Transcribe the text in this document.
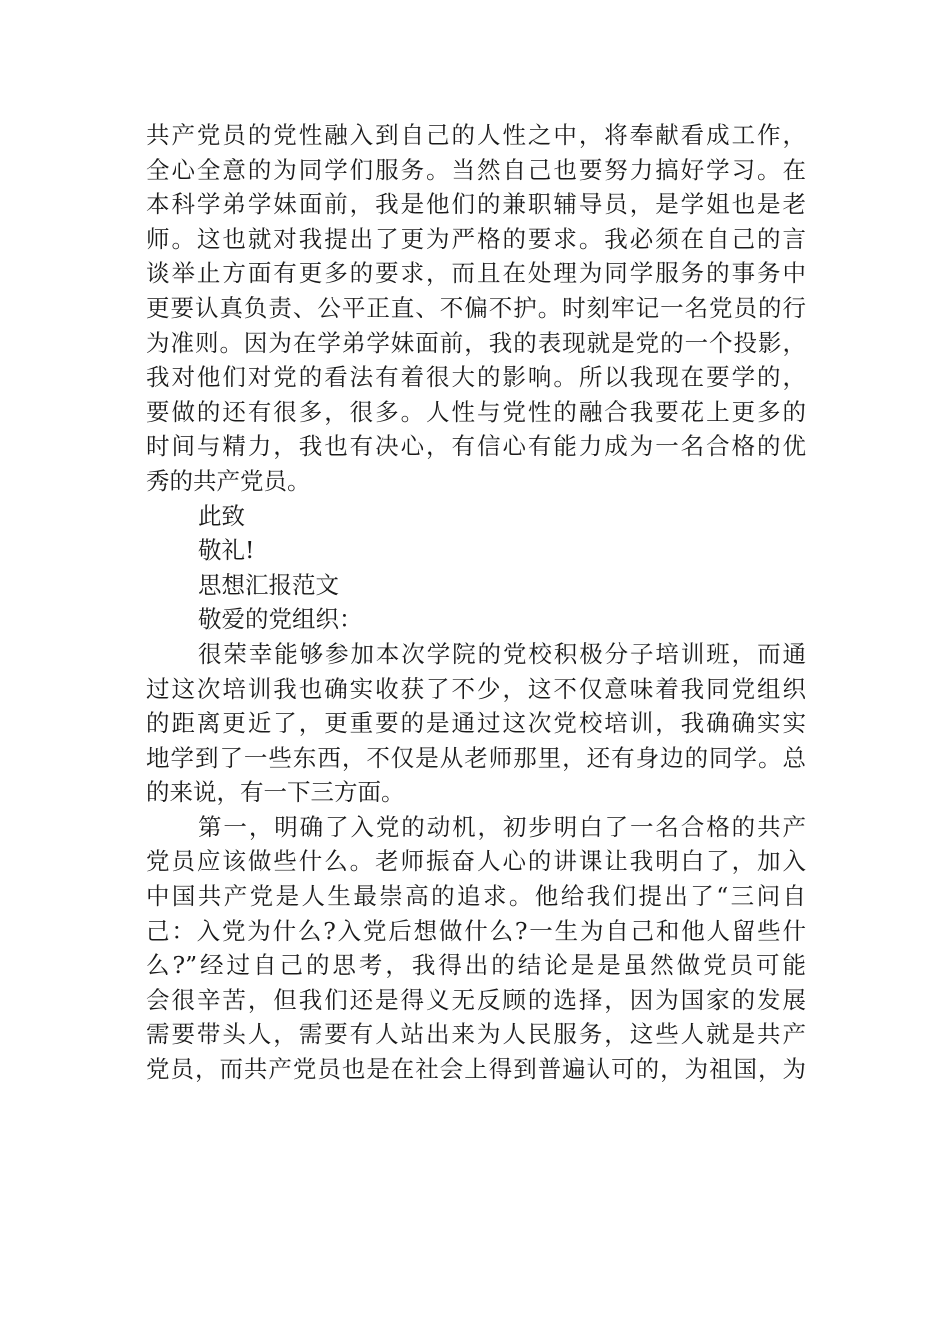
共产党员的党性融入到自己的人性之中，将奉献看成工作，
全心全意的为同学们服务。当然自己也要努力搞好学习。在
本科学弟学妹面前，我是他们的兼职辅导员，是学姐也是老
师。这也就对我提出了更为严格的要求。我必须在自己的言
谈举止方面有更多的要求，而且在处理为同学服务的事务中
更要认真负责、公平正直、不偏不护。时刻牢记一名党员的行
为准则。因为在学弟学妹面前，我的表现就是党的一个投影，
我对他们对党的看法有着很大的影响。所以我现在要学的，
要做的还有很多，很多。人性与党性的融合我要花上更多的
时间与精力，我也有决心，有信心有能力成为一名合格的优
秀的共产党员。
此致
敬礼!
思想汇报范文
敬爱的党组织：
很荣幸能够参加本次学院的党校积极分子培训班，而通
过这次培训我也确实收获了不少，这不仅意味着我同党组织
的距离更近了，更重要的是通过这次党校培训，我确确实实
地学到了一些东西，不仅是从老师那里，还有身边的同学。总
的来说，有一下三方面。
第一，明确了入党的动机，初步明白了一名合格的共产
党员应该做些什么。老师振奋人心的讲课让我明白了，加入
中国共产党是人生最崇高的追求。他给我们提出了“三问自
己：入党为什么?入党后想做什么?一生为自己和他人留些什
么?”经过自己的思考，我得出的结论是是虽然做党员可能
会很辛苦，但我们还是得义无反顾的选择，因为国家的发展
需要带头人，需要有人站出来为人民服务，这些人就是共产
党员，而共产党员也是在社会上得到普遍认可的，为祖国，为
